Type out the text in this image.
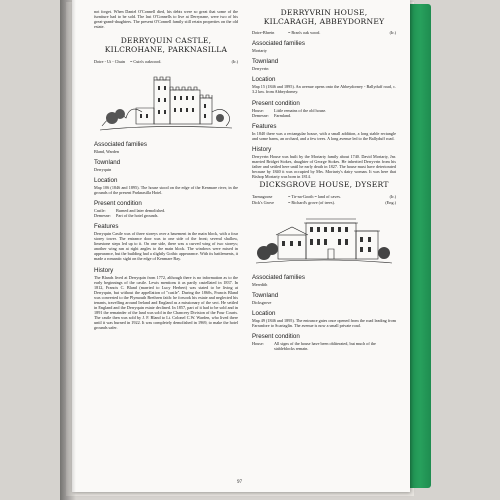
not forget. When Daniel O'Connell died, his debts were so great that some of the furniture had to be sold. The last O'Connells to live at Derrynane, were two of his great-grand-daughters. The present O'Connell family still retain properties on the old estate.

DERRYQUIN CASTLE,
KILCROHANE, PARKNASILLA
Doire - Ui - Chuin	= Cuin's oakwood.	(Ir.)
Associated families

Bland, Warden

Townland

Derryquin

Location

Map 106 (1846 and 1895). The house stood on the edge of the Kenmare river, in the grounds of the present Parknasilla Hotel.

Present condition
Castle:	Burned and later demolished.
Demesne:	Part of the hotel grounds.
Features

Derryquin Castle was of three storeys over a basement in the main block, with a four storey tower. The entrance door was to one side of the front; several shallow, limestone steps led up to it. On one side, there was a curved wing of two storeys; another wing ran at right angles to the main block. The windows were mixed in appearance, but the building had a slightly Gothic appearance. With its battlements, it made a romantic sight on the edge of Kenmare Bay.

History

The Blands lived at Derryquin from 1772, although there is no information as to the early beginnings of the castle. Lewis mentions it as partly castellated in 1837. In 1812, Francis C. Bland (married to Lucy Herbert) was stated to be living at Derryquin, but without the appellation of "castle". During the 1860s, Francis Bland was converted to the Plymouth Brethren faith: he forsook his estate and neglected his tenants, travelling around Ireland and England as a missionary of the sect. He settled in England and the Derryquin estate declined. In 1857, part of it had to be sold and in 1891 the remainder of the land was sold in the Chancery Division of the Four Courts. The castle then was sold by J. F. Bland to Lt. Colonel C.W. Warden, who lived there until it was burned in 1922. It was completely demolished in 1969, to make the hotel grounds safer.

DERRYVRIN HOUSE,
KILCARAGH, ABBEYDORNEY
Doire-Bhrein	= Bran's oak wood.	(Ir.)
Associated families

Moriarty

Townland

Derryvrin

Location

Map 15 (1846 and 1895). An avenue opens onto the Abbeydorney - Ballyduff road, c. 3.2 km. from Abbeydorney.

Present condition
House:	Little remains of the old house.
Demesne:	Farmland.
Features

In 1840 there was a rectangular house, with a small addition, a long stable rectangle and some barns, an orchard, and a few trees. A long avenue led to the Ballyduff road.

History

Derryvrin House was built by the Moriarty family about 1740. David Moriarty, Jnr. married Bridget Stokes, daughter of George Stokes. He inherited Derryvrin from his father and settled here until he early death in 1827. The house must have deteriorated because by 1840 it was occupied by Mrs. Moriarty's dairy woman. It was here that Bishop Moriarty was born in 1814.

DICKSGROVE HOUSE, DYSERT
Tarmagoose	= Tir-na-Gooth = land of caves.	(Ir.)
Dick's Grove	= Richard's grove (of trees).	(Eng.)
Associated families

Meredith

Townland

Dicksgrove

Location

Map 49 (1846 and 1895). The entrance gates once opened from the road leading from Farranfore to Scartaglin. The avenue is now a small private road.

Present condition
House:	All signs of the house have been obliterated, but much of the stableblocks remain.
97
